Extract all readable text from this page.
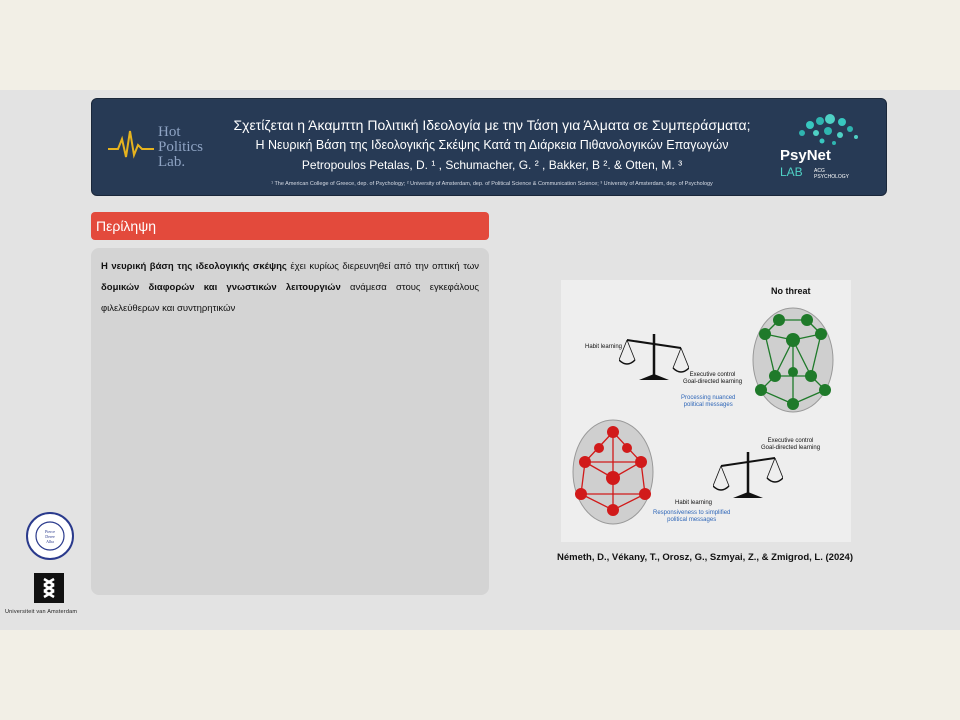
Hot
Politics
Lab.
Σχετίζεται η Άκαμπτη Πολιτική Ιδεολογία με την Τάση για Άλματα σε Συμπεράσματα;
Η Νευρική Βάση της Ιδεολογικής Σκέψης Κατά τη Διάρκεια Πιθανολογικών Επαγωγών
Petropoulos Petalas, D. ¹ , Schumacher, G. ² , Bakker, B ². & Otten, M. ³
¹ The American College of Greece, dep. of Psychology; ² University of Amsterdam, dep. of Political Science & Communication Science; ³ University of Amsterdam, dep. of Psychology
PsyNet
LAB ACG
PSYCHOLOGY
Περίληψη
Η νευρική βάση της ιδεολογικής σκέψης έχει κυρίως διερευνηθεί από την οπτική των δομικών διαφορών και γνωστικών λειτουργιών ανάμεσα στους εγκεφάλους φιλελεύθερων και συντηρητικών
No threat
Habit learning
Executive control
Goal-directed learning
Processing nuanced
political messages
Executive control
Goal-directed learning
Habit learning
Responsiveness to simplified
political messages
Németh, D., Vékany, T., Orosz, G., Szmyai, Z., & Zmigrod, L. (2024)
Pierce
Deree
Alba
Universiteit van Amsterdam
